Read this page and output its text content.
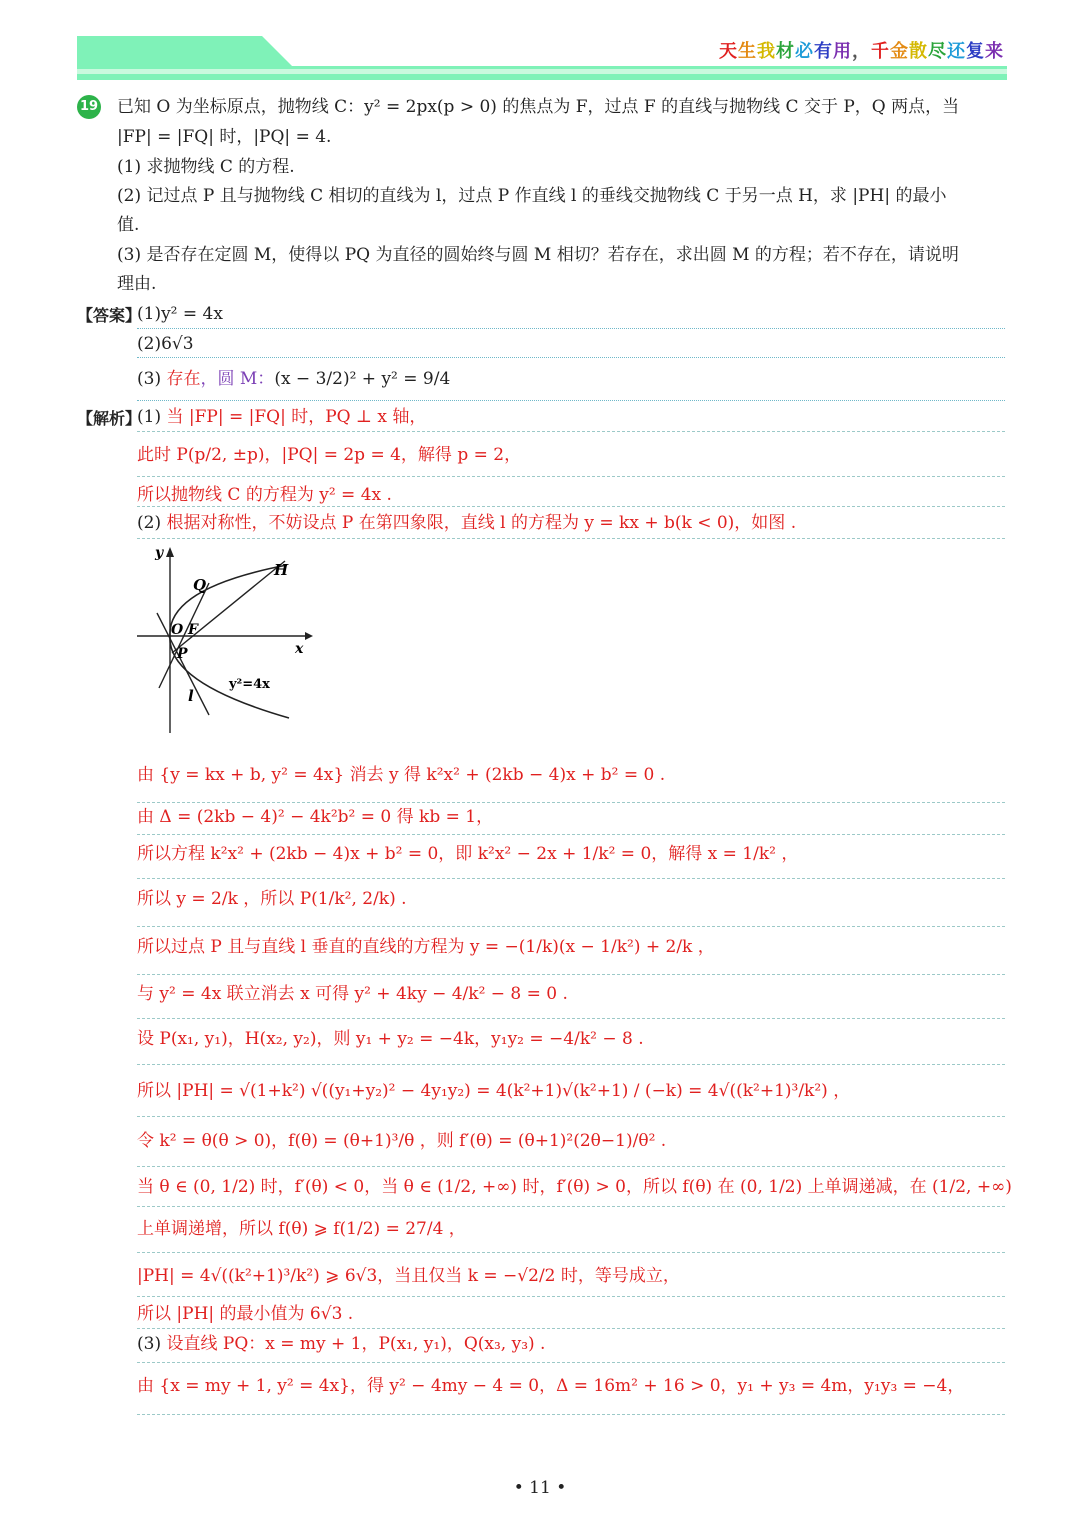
天生我材必有用，千金散尽还复来
19 已知 O 为坐标原点，抛物线 C：y² = 2px(p > 0) 的焦点为 F，过点 F 的直线与抛物线 C 交于 P，Q 两点，当
|FP| = |FQ| 时，|PQ| = 4.
(1) 求抛物线 C 的方程.
(2) 记过点 P 且与抛物线 C 相切的直线为 l，过点 P 作直线 l 的垂线交抛物线 C 于另一点 H，求 |PH| 的最小
值.
(3) 是否存在定圆 M，使得以 PQ 为直径的圆始终与圆 M 相切？若存在，求出圆 M 的方程；若不存在，请说明
理由.
【答案】
(1)y² = 4x
(2)6√3
(3) 存在，圆 M：(x − 3/2)² + y² = 9/4
【解析】
(1) 当 |FP| = |FQ| 时，PQ ⊥ x 轴，
此时 P(p/2, ±p)，|PQ| = 2p = 4，解得 p = 2，
所以抛物线 C 的方程为 y² = 4x .
(2) 根据对称性，不妨设点 P 在第四象限，直线 l 的方程为 y = kx + b(k < 0)，如图 .
由 {y = kx + b, y² = 4x} 消去 y 得 k²x² + (2kb − 4)x + b² = 0 .
由 Δ = (2kb − 4)² − 4k²b² = 0 得 kb = 1，
所以方程 k²x² + (2kb − 4)x + b² = 0，即 k²x² − 2x + 1/k² = 0，解得 x = 1/k² ，
所以 y = 2/k ，所以 P(1/k², 2/k) .
所以过点 P 且与直线 l 垂直的直线的方程为 y = −(1/k)(x − 1/k²) + 2/k ，
与 y² = 4x 联立消去 x 可得 y² + 4ky − 4/k² − 8 = 0 .
设 P(x₁, y₁)，H(x₂, y₂)，则 y₁ + y₂ = −4k，y₁y₂ = −4/k² − 8 .
所以 |PH| = √(1+k²) √((y₁+y₂)² − 4y₁y₂) = 4(k²+1)√(k²+1) / (−k) = 4√((k²+1)³/k²) ，
令 k² = θ(θ > 0)，f(θ) = (θ+1)³/θ ，则 f′(θ) = (θ+1)²(2θ−1)/θ² .
当 θ ∈ (0, 1/2) 时，f′(θ) < 0，当 θ ∈ (1/2, +∞) 时，f′(θ) > 0，所以 f(θ) 在 (0, 1/2) 上单调递减，在 (1/2, +∞)
上单调递增，所以 f(θ) ⩾ f(1/2) = 27/4 ，
|PH| = 4√((k²+1)³/k²) ⩾ 6√3，当且仅当 k = −√2/2 时，等号成立，
所以 |PH| 的最小值为 6√3 .
(3) 设直线 PQ：x = my + 1，P(x₁, y₁)，Q(x₃, y₃) .
由 {x = my + 1, y² = 4x}，得 y² − 4my − 4 = 0，Δ = 16m² + 16 > 0，y₁ + y₃ = 4m，y₁y₃ = −4，
y
Q
H
O F
P	x
l
y²=4x
• 11 •
